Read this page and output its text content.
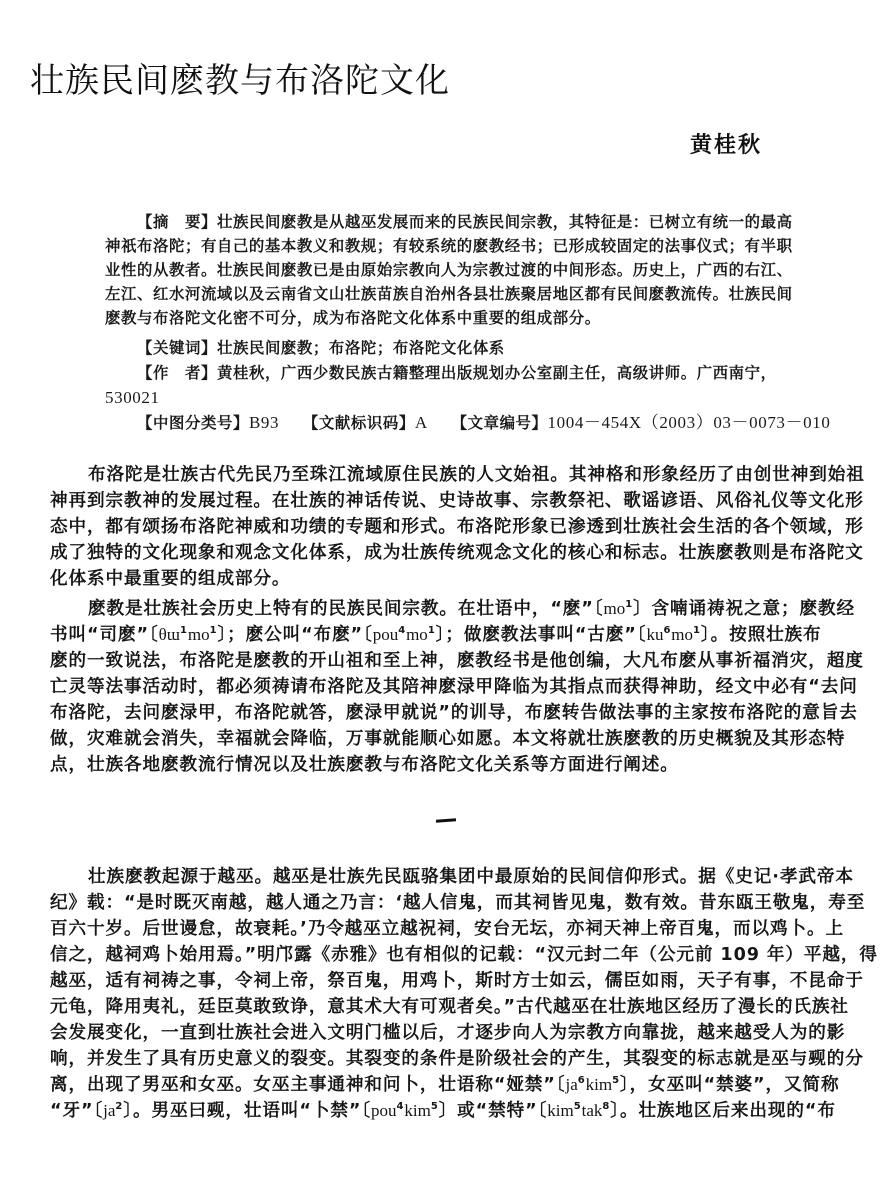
壮族民间麽教与布洛陀文化
黄桂秋
【摘　要】壮族民间麽教是从越巫发展而来的民族民间宗教，其特征是：已树立有统一的最高
神祇布洛陀；有自己的基本教义和教规；有较系统的麽教经书；已形成较固定的法事仪式；有半职
业性的从教者。壮族民间麽教已是由原始宗教向人为宗教过渡的中间形态。历史上，广西的右江、
左江、红水河流域以及云南省文山壮族苗族自治州各县壮族聚居地区都有民间麽教流传。壮族民间
麽教与布洛陀文化密不可分，成为布洛陀文化体系中重要的组成部分。
【关键词】壮族民间麽教；布洛陀；布洛陀文化体系
【作　者】黄桂秋，广西少数民族古籍整理出版规划办公室副主任，高级讲师。广西南宁，
530021
【中图分类号】B93 【文献标识码】A 【文章编号】1004－454X（2003）03－0073－010
布洛陀是壮族古代先民乃至珠江流域原住民族的人文始祖。其神格和形象经历了由创世神到始祖
神再到宗教神的发展过程。在壮族的神话传说、史诗故事、宗教祭祀、歌谣谚语、风俗礼仪等文化形
态中，都有颂扬布洛陀神威和功绩的专题和形式。布洛陀形象已渗透到壮族社会生活的各个领域，形
成了独特的文化现象和观念文化体系，成为壮族传统观念文化的核心和标志。壮族麽教则是布洛陀文
化体系中最重要的组成部分。
麽教是壮族社会历史上特有的民族民间宗教。在壮语中，“麽”〔$mo^1$〕含喃诵祷祝之意；麽教经
书叫“司麽”〔$\theta ɯ^1mo^1$〕；麽公叫“布麽”〔$pou^4mo^1$〕；做麽教法事叫“古麽”〔$ku^6mo^1$〕。按照壮族布
麽的一致说法，布洛陀是麽教的开山祖和至上神，麽教经书是他创编，大凡布麽从事祈福消灾，超度
亡灵等法事活动时，都必须祷请布洛陀及其陪神麽渌甲降临为其指点而获得神助，经文中必有“去问
布洛陀，去问麽渌甲，布洛陀就答，麽渌甲就说”的训导，布麽转告做法事的主家按布洛陀的意旨去
做，灾难就会消失，幸福就会降临，万事就能顺心如愿。本文将就壮族麽教的历史概貌及其形态特
点，壮族各地麽教流行情况以及壮族麽教与布洛陀文化关系等方面进行阐述。
壮族麽教起源于越巫。越巫是壮族先民瓯骆集团中最原始的民间信仰形式。据《史记·孝武帝本
纪》载：“是时既灭南越，越人通之乃言：‘越人信鬼，而其祠皆见鬼，数有效。昔东瓯王敬鬼，寿至
百六十岁。后世谩怠，故衰耗。’乃令越巫立越祝祠，安台无坛，亦祠天神上帝百鬼，而以鸡卜。上
信之，越祠鸡卜始用焉。”明邝露《赤雅》也有相似的记载：“汉元封二年（公元前 109 年）平越，得
越巫，适有祠祷之事，令祠上帝，祭百鬼，用鸡卜，斯时方士如云，儒臣如雨，天子有事，不昆命于
元龟，降用夷礼，廷臣莫敢致诤，意其术大有可观者矣。”古代越巫在壮族地区经历了漫长的氏族社
会发展变化，一直到壮族社会进入文明门槛以后，才逐步向人为宗教方向靠拢，越来越受人为的影
响，并发生了具有历史意义的裂变。其裂变的条件是阶级社会的产生，其裂变的标志就是巫与觋的分
离，出现了男巫和女巫。女巫主事通神和问卜，壮语称“娅禁”〔$ja^6kim^5$〕，女巫叫“禁婆”，又简称
“牙”〔$ja^2$〕。男巫曰觋，壮语叫“卜禁”〔pou$^4$kim$^5$〕或“禁特”〔kim$^5$tak$^8$〕。壮族地区后来出现的“布
